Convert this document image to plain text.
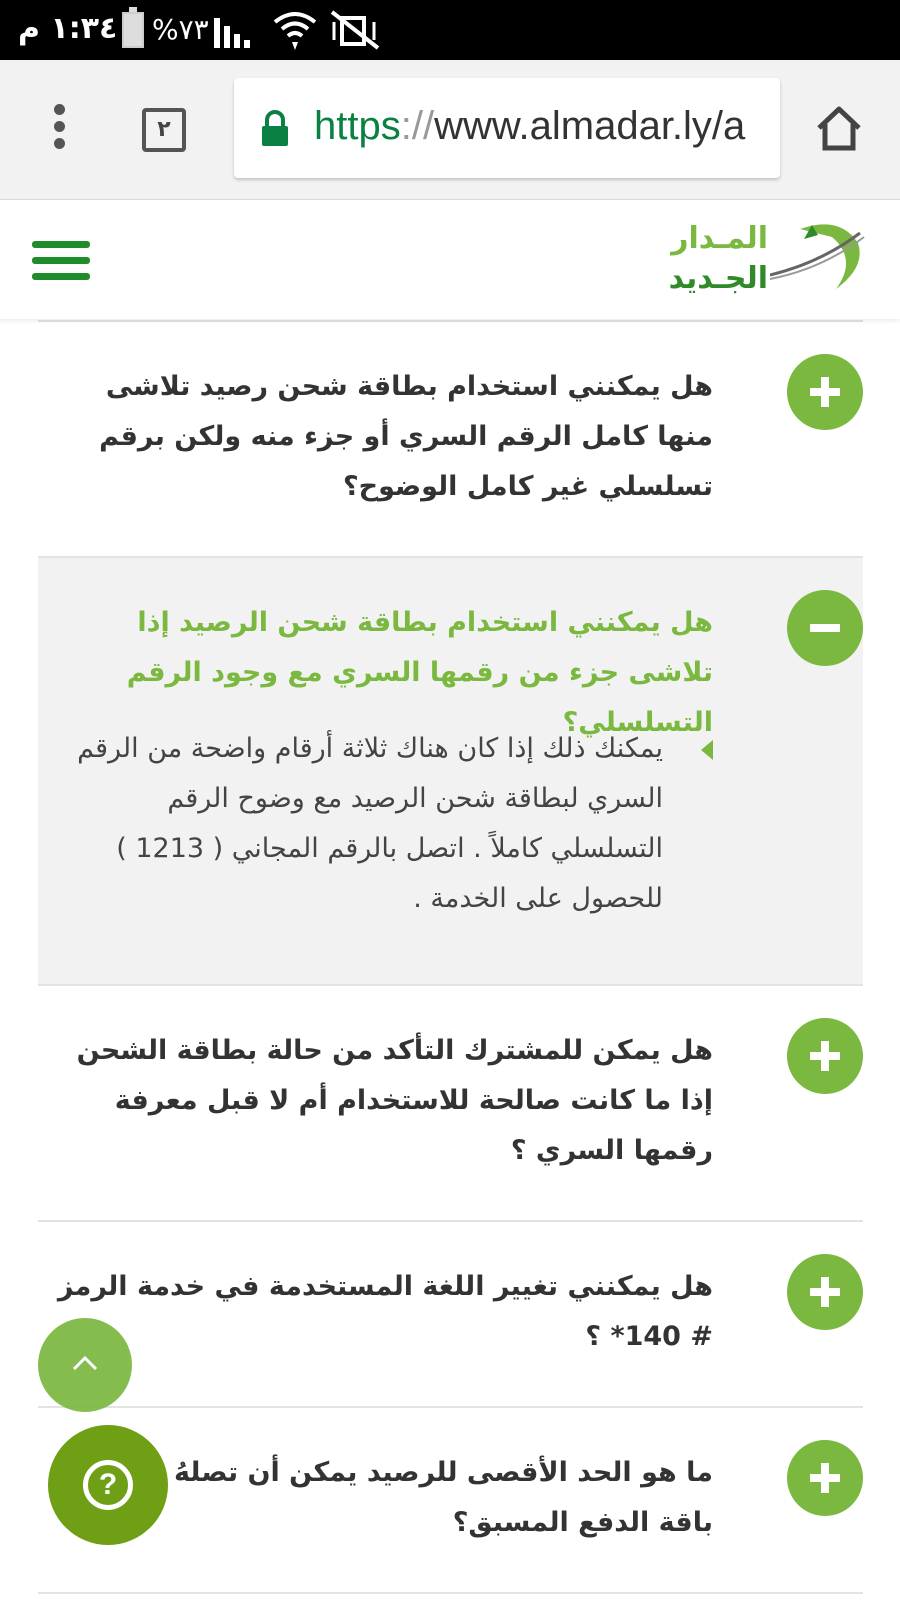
١:٣٤ م %٧٣
٢	https://www.almadar.ly/a
المـدار
الجـديد
هل يمكنني استخدام بطاقة شحن رصيد تلاشى منها كامل الرقم السري أو جزء منه ولكن برقم تسلسلي غير كامل الوضوح؟
هل يمكنني استخدام بطاقة شحن الرصيد إذا تلاشى جزء من رقمها السري مع وجود الرقم التسلسلي؟
يمكنك ذلك إذا كان هناك ثلاثة أرقام واضحة من الرقم السري لبطاقة شحن الرصيد مع وضوح الرقم التسلسلي كاملاً . اتصل بالرقم المجاني ( 1213 ) للحصول على الخدمة .
هل يمكن للمشترك التأكد من حالة بطاقة الشحن إذا ما كانت صالحة للاستخدام أم لا قبل معرفة رقمها السري ؟
هل يمكنني تغيير اللغة المستخدمة في خدمة الرمز # 140* ؟
ما هو الحد الأقصى للرصيد يمكن أن تصلهُ باقة الدفع المسبق؟
?
